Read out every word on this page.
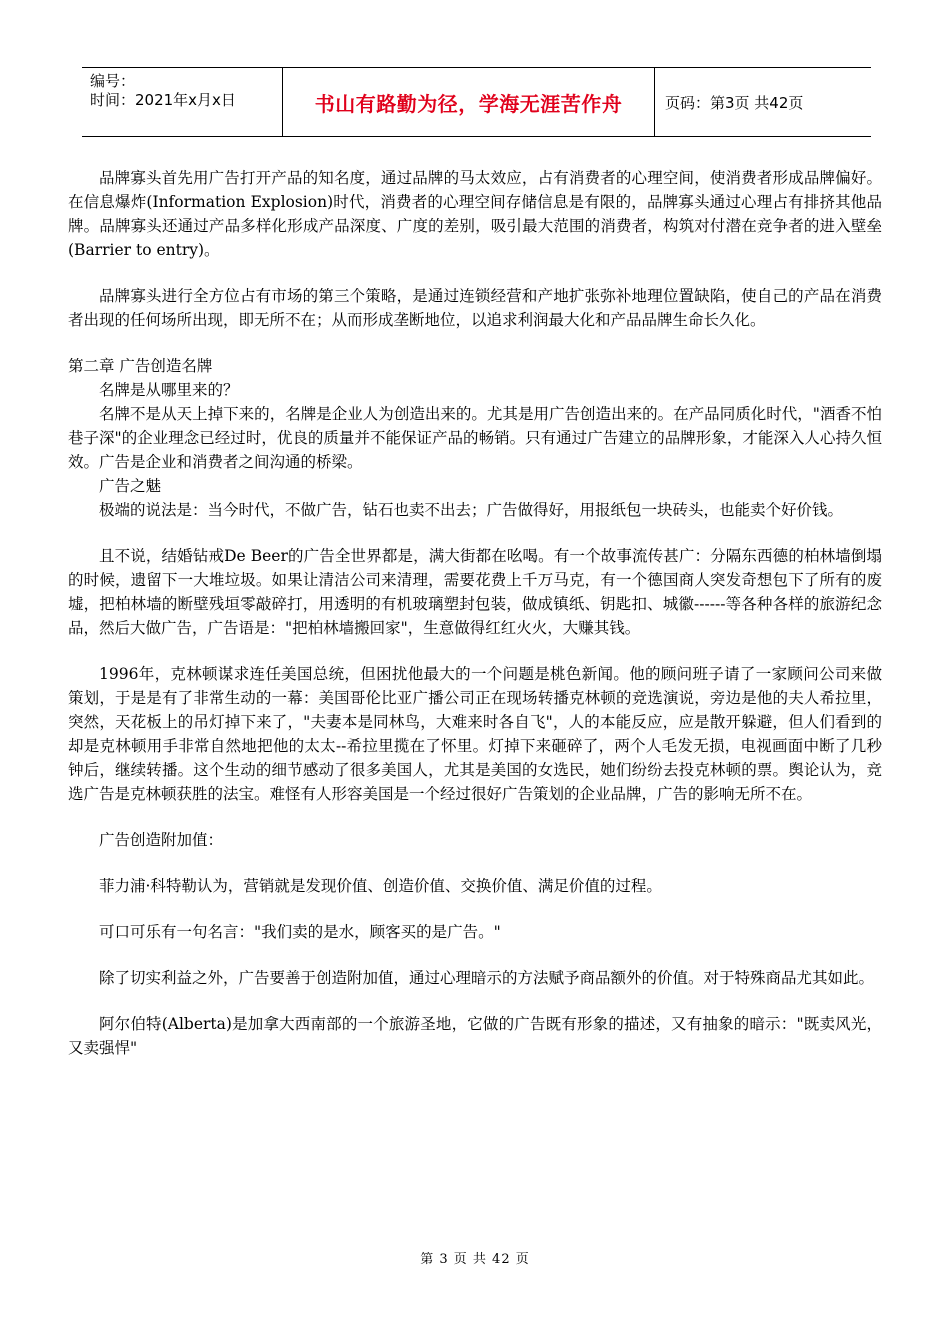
编号：
时间：2021年x月x日	书山有路勤为径，学海无涯苦作舟	页码：第3页 共42页

品牌寡头首先用广告打开产品的知名度，通过品牌的马太效应，占有消费者的心理空间，使消费者形成品牌偏好。在信息爆炸(Information Explosion)时代，消费者的心理空间存储信息是有限的，品牌寡头通过心理占有排挤其他品牌。品牌寡头还通过产品多样化形成产品深度、广度的差别，吸引最大范围的消费者，构筑对付潜在竞争者的进入壁垒(Barrier to entry)。

品牌寡头进行全方位占有市场的第三个策略，是通过连锁经营和产地扩张弥补地理位置缺陷，使自己的产品在消费者出现的任何场所出现，即无所不在；从而形成垄断地位，以追求利润最大化和产品品牌生命长久化。

第二章 广告创造名牌

名牌是从哪里来的？

名牌不是从天上掉下来的，名牌是企业人为创造出来的。尤其是用广告创造出来的。在产品同质化时代，"酒香不怕巷子深"的企业理念已经过时，优良的质量并不能保证产品的畅销。只有通过广告建立的品牌形象，才能深入人心持久恒效。广告是企业和消费者之间沟通的桥梁。

广告之魅

极端的说法是：当今时代，不做广告，钻石也卖不出去；广告做得好，用报纸包一块砖头，也能卖个好价钱。

且不说，结婚钻戒De Beer的广告全世界都是，满大街都在吆喝。有一个故事流传甚广：分隔东西德的柏林墙倒塌的时候，遗留下一大堆垃圾。如果让清洁公司来清理，需要花费上千万马克，有一个德国商人突发奇想包下了所有的废墟，把柏林墙的断壁残垣零敲碎打，用透明的有机玻璃塑封包装，做成镇纸、钥匙扣、城徽------等各种各样的旅游纪念品，然后大做广告，广告语是："把柏林墙搬回家"，生意做得红红火火，大赚其钱。

1996年，克林顿谋求连任美国总统，但困扰他最大的一个问题是桃色新闻。他的顾问班子请了一家顾问公司来做策划，于是是有了非常生动的一幕：美国哥伦比亚广播公司正在现场转播克林顿的竞选演说，旁边是他的夫人希拉里，突然，天花板上的吊灯掉下来了，"夫妻本是同林鸟，大难来时各自飞"，人的本能反应，应是散开躲避，但人们看到的却是克林顿用手非常自然地把他的太太--希拉里揽在了怀里。灯掉下来砸碎了，两个人毛发无损，电视画面中断了几秒钟后，继续转播。这个生动的细节感动了很多美国人，尤其是美国的女选民，她们纷纷去投克林顿的票。舆论认为，竞选广告是克林顿获胜的法宝。难怪有人形容美国是一个经过很好广告策划的企业品牌，广告的影响无所不在。

广告创造附加值：

菲力浦·科特勒认为，营销就是发现价值、创造价值、交换价值、满足价值的过程。

可口可乐有一句名言："我们卖的是水，顾客买的是广告。"

除了切实利益之外，广告要善于创造附加值，通过心理暗示的方法赋予商品额外的价值。对于特殊商品尤其如此。

阿尔伯特(Alberta)是加拿大西南部的一个旅游圣地，它做的广告既有形象的描述，又有抽象的暗示："既卖风光，又卖强悍"

第 3 页 共 42 页
